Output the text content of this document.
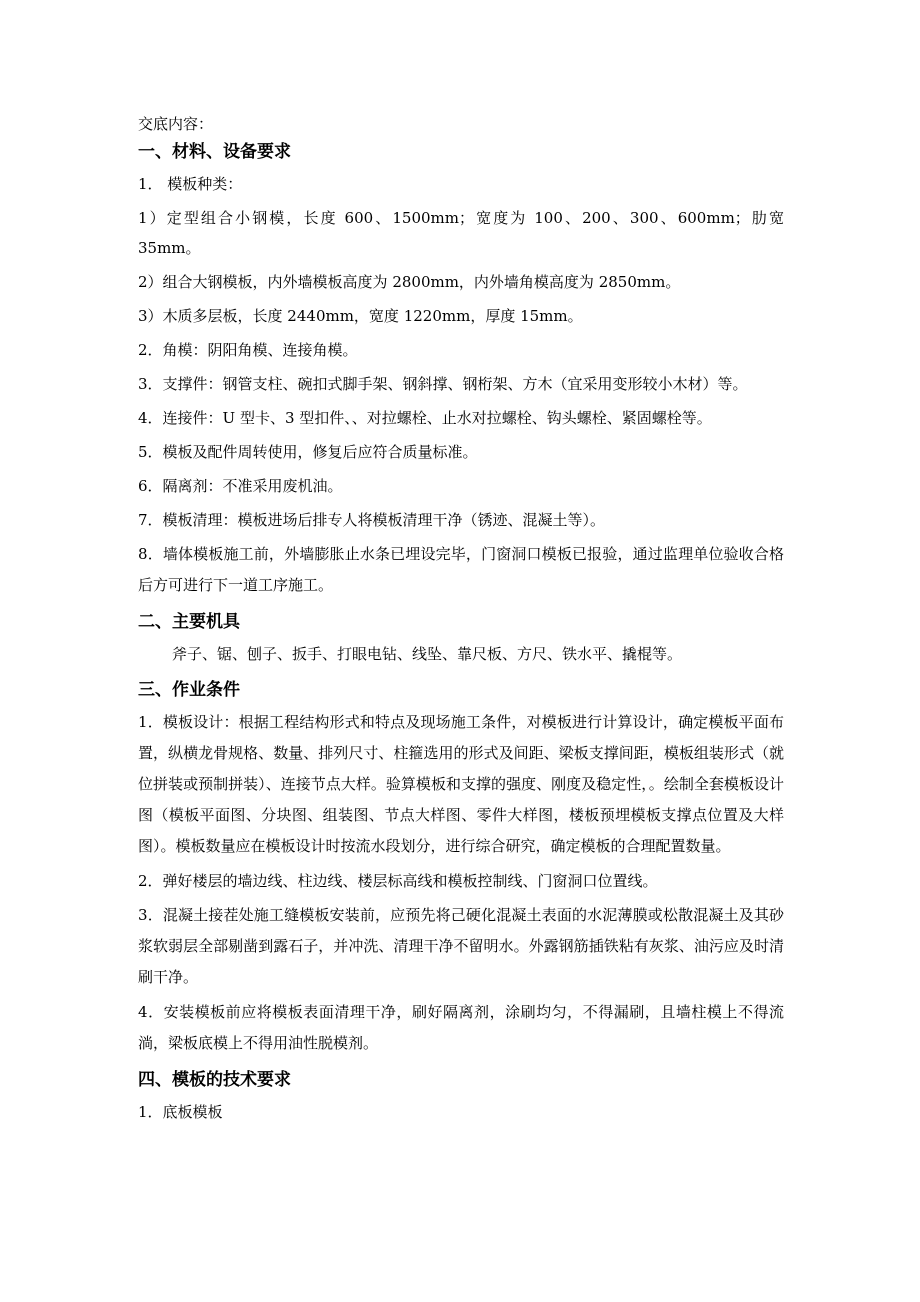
交底内容：
一、材料、设备要求
1． 模板种类：
1）定型组合小钢模，长度 600、1500mm；宽度为 100、200、300、600mm；肋宽 35mm。
2）组合大钢模板，内外墙模板高度为 2800mm，内外墙角模高度为 2850mm。
3）木质多层板，长度 2440mm，宽度 1220mm，厚度 15mm。
2．角模：阴阳角模、连接角模。
3．支撑件：钢管支柱、碗扣式脚手架、钢斜撑、钢桁架、方木（宜采用变形较小木材）等。
4．连接件：U 型卡、3 型扣件、、对拉螺栓、止水对拉螺栓、钩头螺栓、紧固螺栓等。
5．模板及配件周转使用，修复后应符合质量标准。
6．隔离剂：不准采用废机油。
7．模板清理：模板进场后排专人将模板清理干净（锈迹、混凝土等）。
8．墙体模板施工前，外墙膨胀止水条已埋设完毕，门窗洞口模板已报验，通过监理单位验收合格后方可进行下一道工序施工。
二、主要机具
斧子、锯、刨子、扳手、打眼电钻、线坠、靠尺板、方尺、铁水平、撬棍等。
三、作业条件
1．模板设计：根据工程结构形式和特点及现场施工条件，对模板进行计算设计，确定模板平面布置，纵横龙骨规格、数量、排列尺寸、柱箍选用的形式及间距、梁板支撑间距，模板组装形式（就位拼装或预制拼装）、连接节点大样。验算模板和支撑的强度、刚度及稳定性，。绘制全套模板设计图（模板平面图、分块图、组装图、节点大样图、零件大样图，楼板预埋模板支撑点位置及大样图）。模板数量应在模板设计时按流水段划分，进行综合研究，确定模板的合理配置数量。
2．弹好楼层的墙边线、柱边线、楼层标高线和模板控制线、门窗洞口位置线。
3．混凝土接茬处施工缝模板安装前，应预先将己硬化混凝土表面的水泥薄膜或松散混凝土及其砂浆软弱层全部剔凿到露石子，并冲洗、清理干净不留明水。外露钢筋插铁粘有灰浆、油污应及时清刷干净。
4．安装模板前应将模板表面清理干净，刷好隔离剂，涂刷均匀，不得漏刷，且墙柱模上不得流淌，梁板底模上不得用油性脱模剂。
四、模板的技术要求
1．底板模板
